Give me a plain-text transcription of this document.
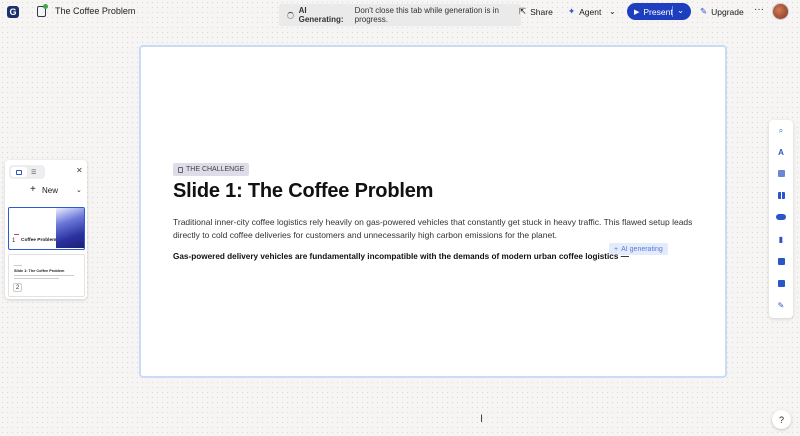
G	The Coffee Problem	AI Generating:
Don't close this tab while generation is in progress.
⇱ Share ✦ Agent ⌄	▶ Present ⌄ ✎ Upgrade ···
THE CHALLENGE
Slide 1: The Coffee Problem
Traditional inner-city coffee logistics rely heavily on gas-powered vehicles that constantly get stuck in heavy traffic. This flawed setup leads directly to cold coffee deliveries for customers and unnecessarily high carbon emissions for the planet.
+ AI generating
Gas-powered delivery vehicles are fundamentally incompatible with the demands of modern urban coffee logistics —
☰	✕
+ New	⌄
1 Coffee Problem
Slide 1: The Coffee Problem
2
⌕
A
▮
✎
?
I
